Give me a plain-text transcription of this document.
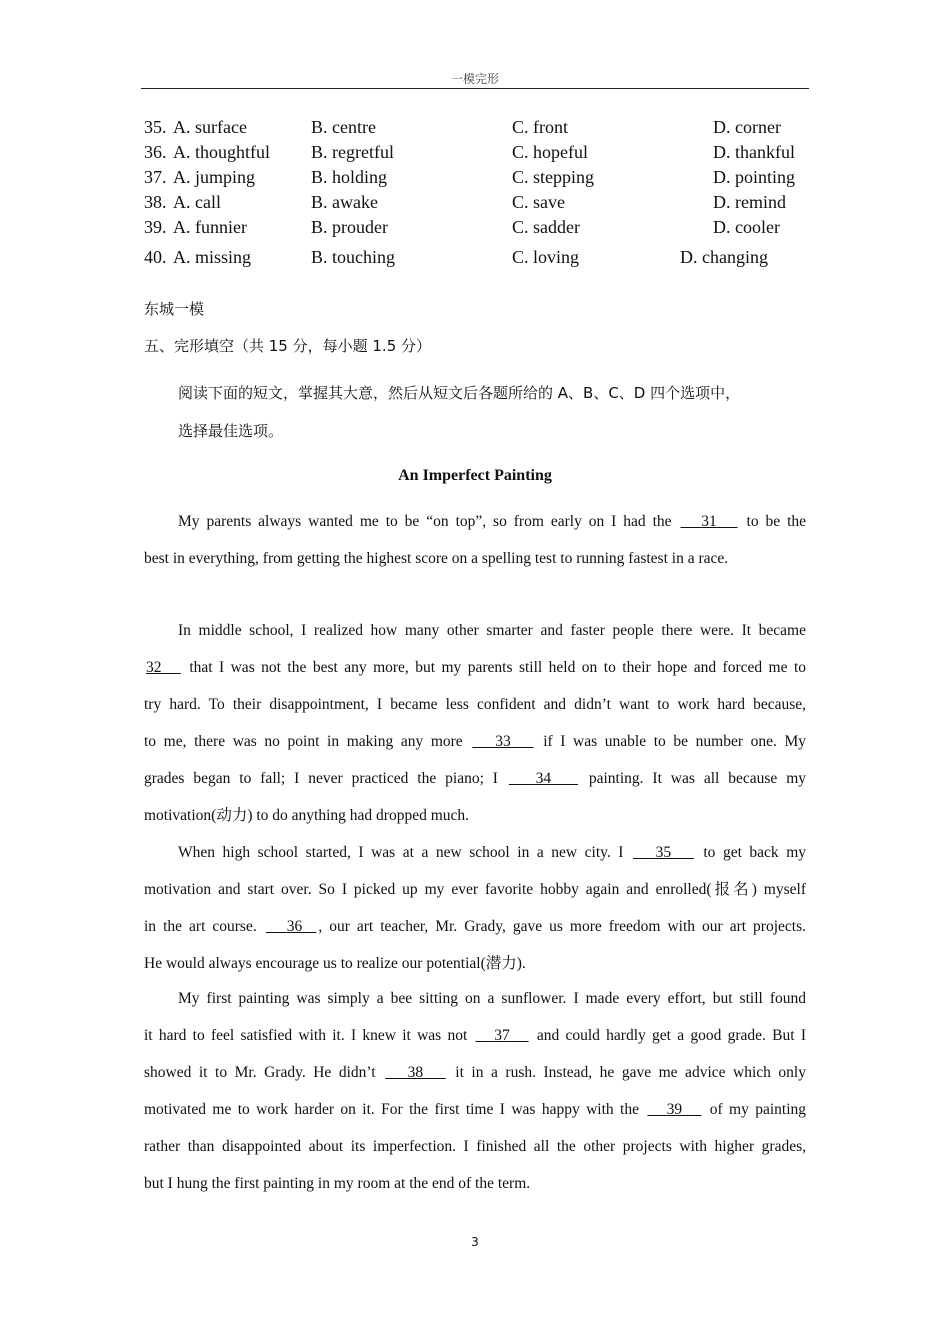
一模完形
35. A. surface	B. centre	C. front	D. corner
36. A. thoughtful B. regretful	C. hopeful	D. thankful
37. A. jumping	B. holding	C. stepping	D. pointing
38. A. call	B. awake	C. save	D. remind
39. A. funnier	B. prouder	C. sadder	D. cooler
40. A. missing	B. touching	C. loving	D. changing
东城一模
五、完形填空（共 15 分，每小题 1.5 分）
阅读下面的短文，掌握其大意，然后从短文后各题所给的 A、B、C、D 四个选项中，
选择最佳选项。
An Imperfect Painting
My parents always wanted me to be “on top”, so from early on I had the 31 to be the
best in everything, from getting the highest score on a spelling test to running fastest in a race.
In middle school, I realized how many other smarter and faster people there were. It became
32 that I was not the best any more, but my parents still held on to their hope and forced me to
try hard. To their disappointment, I became less confident and didn’t want to work hard because,
to me, there was no point in making any more 33 if I was unable to be number one. My
grades began to fall; I never practiced the piano; I 34 painting. It was all because my
motivation(动力) to do anything had dropped much.
When high school started, I was at a new school in a new city. I 35 to get back my
motivation and start over. So I picked up my ever favorite hobby again and enrolled(报名) myself
in the art course. 36 , our art teacher, Mr. Grady, gave us more freedom with our art projects.
He would always encourage us to realize our potential(潜力).
My first painting was simply a bee sitting on a sunflower. I made every effort, but still found
it hard to feel satisfied with it. I knew it was not 37 and could hardly get a good grade. But I
showed it to Mr. Grady. He didn’t 38 it in a rush. Instead, he gave me advice which only
motivated me to work harder on it. For the first time I was happy with the 39 of my painting
rather than disappointed about its imperfection. I finished all the other projects with higher grades,
but I hung the first painting in my room at the end of the term.
3
